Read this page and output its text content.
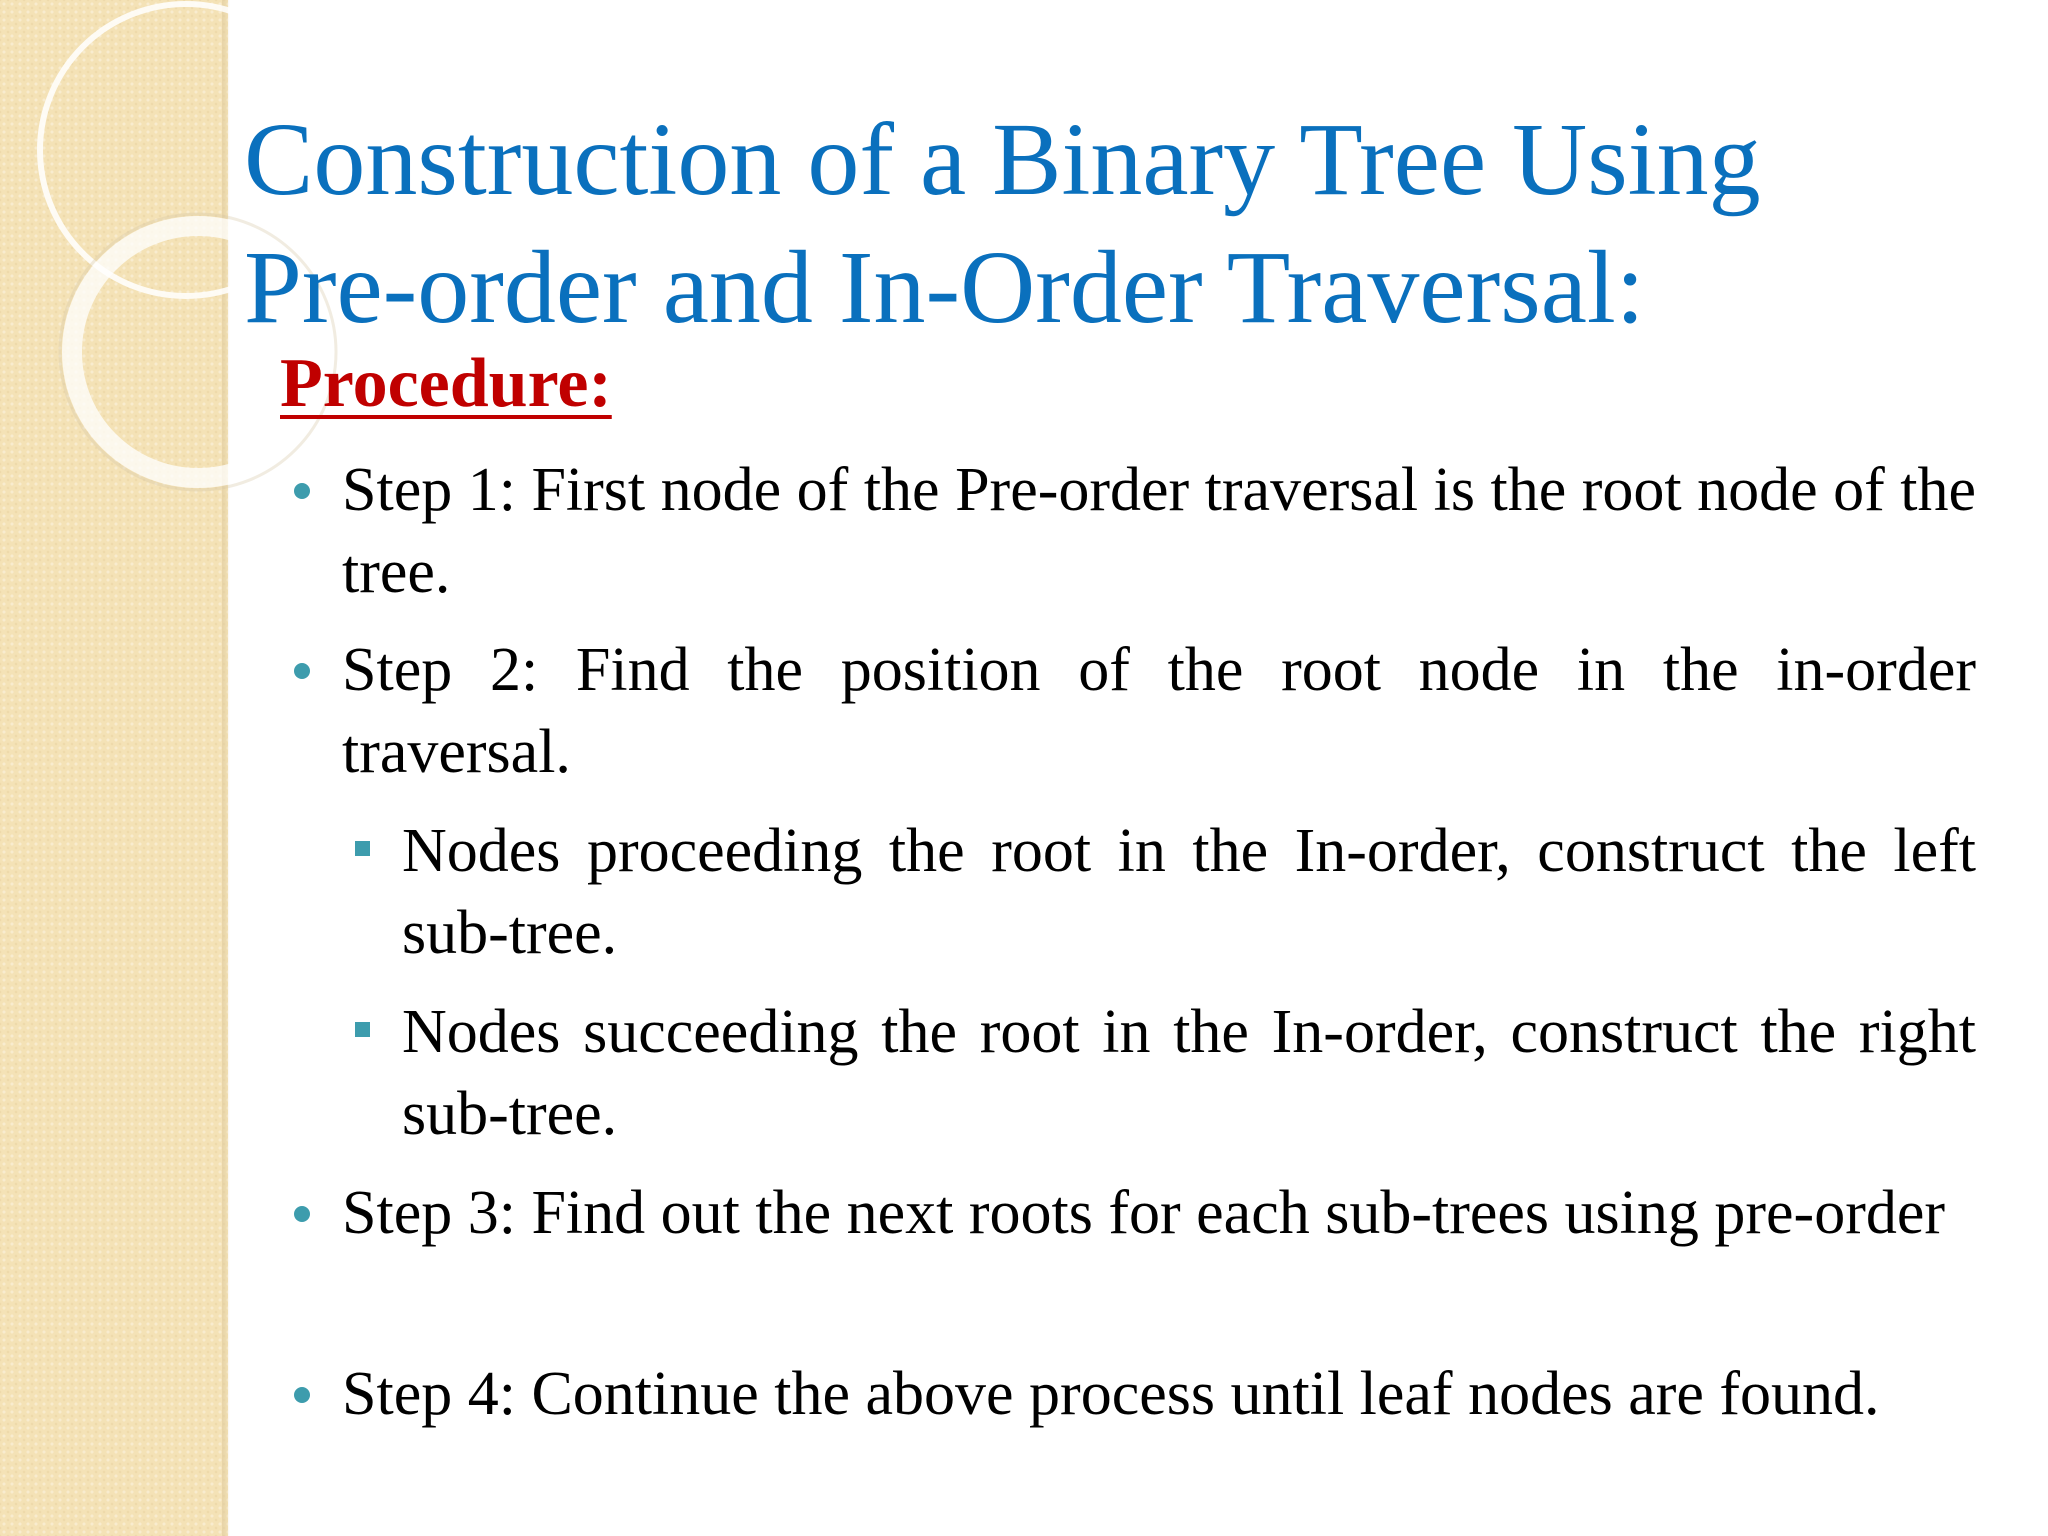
Construction of a Binary Tree Using
Pre-order and In-Order Traversal:
Procedure:
Step 1: First node of the Pre-order traversal is the root node of the tree.
Step 2: Find the position of the root node in the in-order traversal.
Nodes proceeding the root in the In-order, construct the left sub-tree.
Nodes succeeding the root in the In-order, construct the right sub-tree.
Step 3: Find out the next roots for each sub-trees using pre-order
Step 4: Continue the above process until leaf nodes are found.
